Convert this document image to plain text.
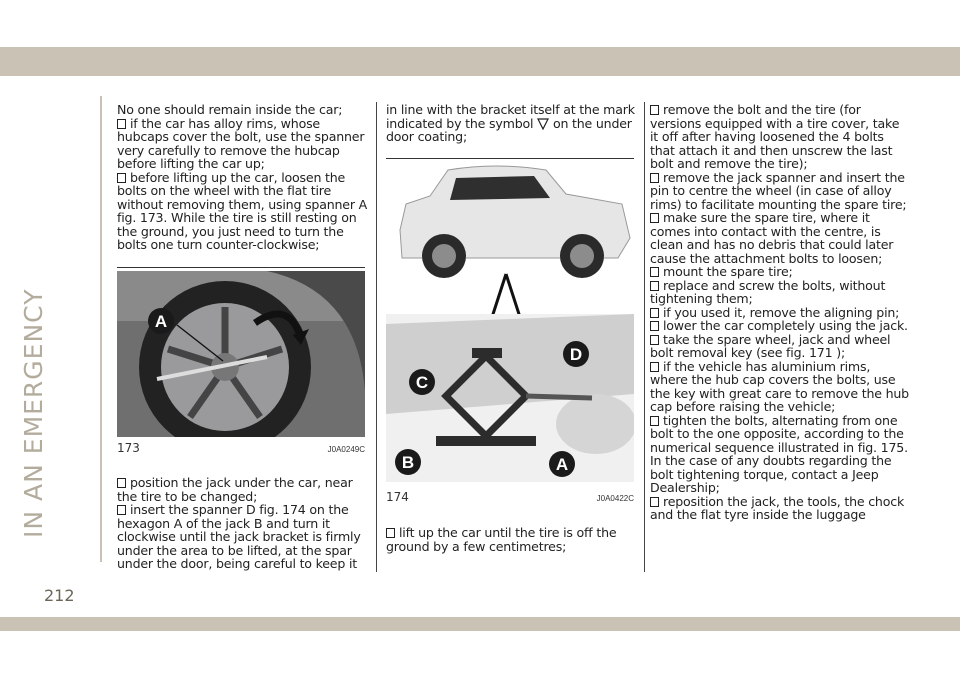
IN AN EMERGENCY
212
No one should remain inside the car;
if the car has alloy rims, whose hubcaps cover the bolt, use the spanner very carefully to remove the hubcap before lifting the car up;
before lifting up the car, loosen the bolts on the wheel with the flat tire without removing them, using spanner A fig. 173. While the tire is still resting on the ground, you just need to turn the bolts one turn counter-clockwise;
A
173	J0A0249C
position the jack under the car, near the tire to be changed;
insert the spanner D fig. 174 on the hexagon A of the jack B and turn it clockwise until the jack bracket is firmly under the area to be lifted, at the spar under the door, being careful to keep it
in line with the bracket itself at the mark indicated by the symbol on the under door coating;
C
D
B	A
174	J0A0422C
lift up the car until the tire is off the ground by a few centimetres;
remove the bolt and the tire (for versions equipped with a tire cover, take it off after having loosened the 4 bolts that attach it and then unscrew the last bolt and remove the tire);
remove the jack spanner and insert the pin to centre the wheel (in case of alloy rims) to facilitate mounting the spare tire;
make sure the spare tire, where it comes into contact with the centre, is clean and has no debris that could later cause the attachment bolts to loosen;
mount the spare tire;
replace and screw the bolts, without tightening them;
if you used it, remove the aligning pin;
lower the car completely using the jack.
take the spare wheel, jack and wheel bolt removal key (see fig. 171 );
if the vehicle has aluminium rims, where the hub cap covers the bolts, use the key with great care to remove the hub cap before raising the vehicle;
tighten the bolts, alternating from one bolt to the one opposite, according to the numerical sequence illustrated in fig. 175. In the case of any doubts regarding the bolt tightening torque, contact a Jeep Dealership;
reposition the jack, the tools, the chock and the flat tyre inside the luggage
